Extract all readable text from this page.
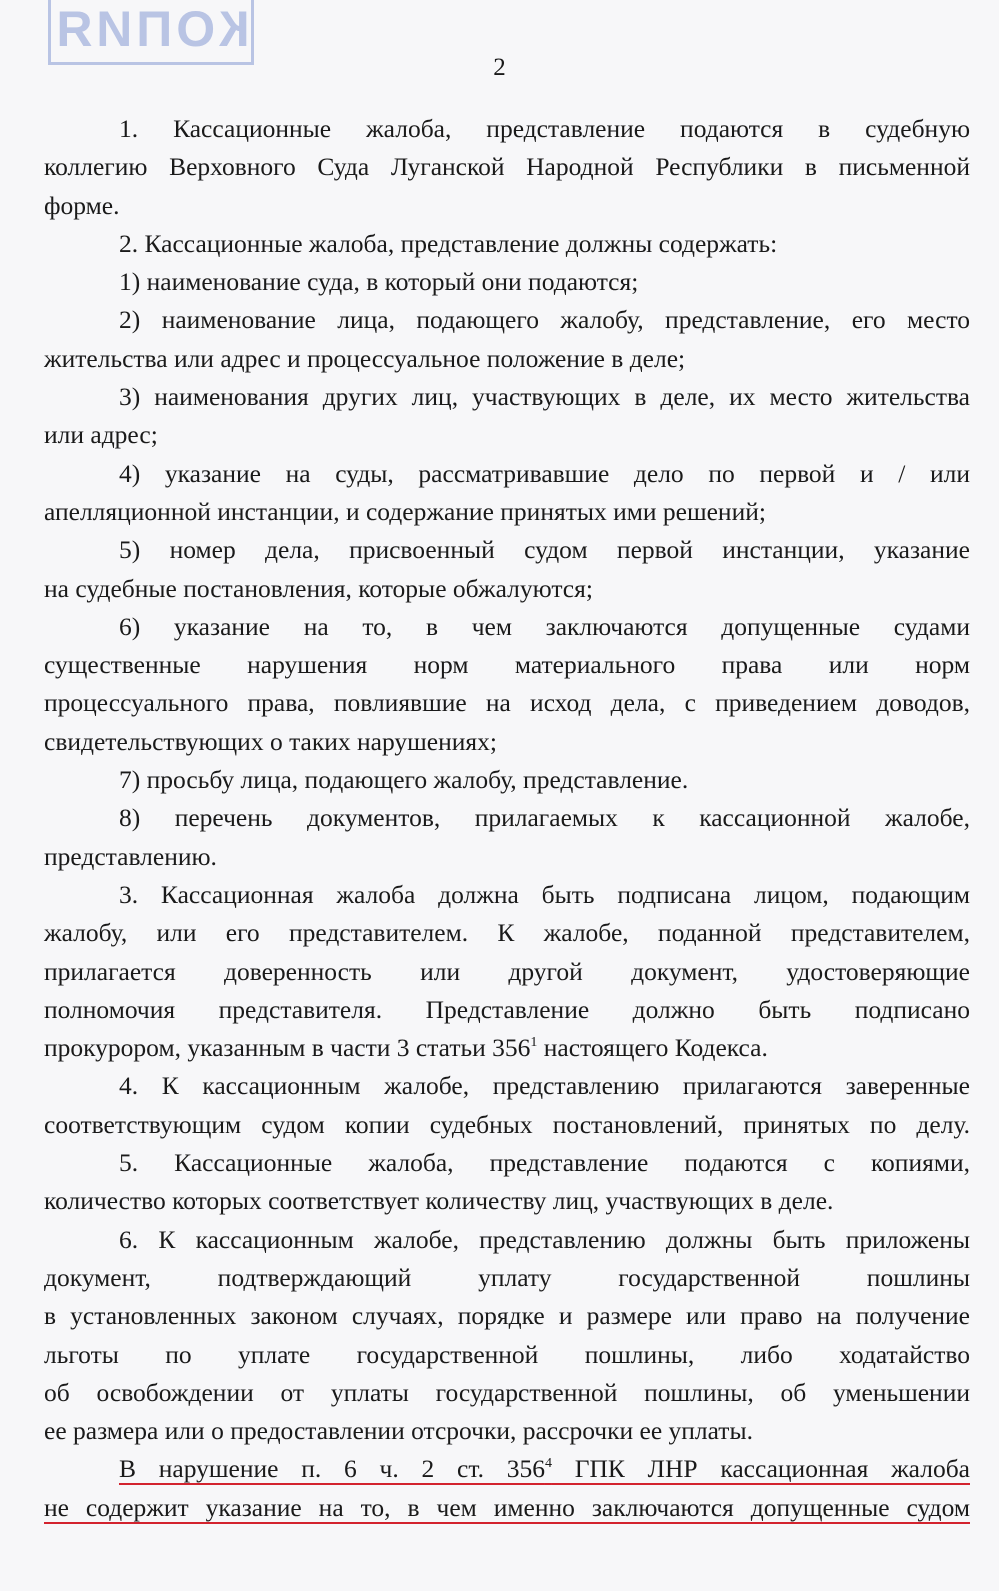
КОПИЯ
2
1. Кассационные жалоба, представление подаются в судебную
коллегию Верховного Суда Луганской Народной Республики в письменной
форме.
2. Кассационные жалоба, представление должны содержать:
1) наименование суда, в который они подаются;
2) наименование лица, подающего жалобу, представление, его место
жительства или адрес и процессуальное положение в деле;
3) наименования других лиц, участвующих в деле, их место жительства
или адрес;
4) указание на суды, рассматривавшие дело по первой и / или
апелляционной инстанции, и содержание принятых ими решений;
5) номер дела, присвоенный судом первой инстанции, указание
на судебные постановления, которые обжалуются;
6) указание на то, в чем заключаются допущенные судами
существенные нарушения норм материального права или норм
процессуального права, повлиявшие на исход дела, с приведением доводов,
свидетельствующих о таких нарушениях;
7) просьбу лица, подающего жалобу, представление.
8) перечень документов, прилагаемых к кассационной жалобе,
представлению.
3. Кассационная жалоба должна быть подписана лицом, подающим
жалобу, или его представителем. К жалобе, поданной представителем,
прилагается доверенность или другой документ, удостоверяющие
полномочия представителя. Представление должно быть подписано
прокурором, указанным в части 3 статьи $356^1$ настоящего Кодекса.
4. К кассационным жалобе, представлению прилагаются заверенные
соответствующим судом копии судебных постановлений, принятых по делу.
5. Кассационные жалоба, представление подаются с копиями,
количество которых соответствует количеству лиц, участвующих в деле.
6. К кассационным жалобе, представлению должны быть приложены
документ, подтверждающий уплату государственной пошлины
в установленных законом случаях, порядке и размере или право на получение
льготы по уплате государственной пошлины, либо ходатайство
об освобождении от уплаты государственной пошлины, об уменьшении
ее размера или о предоставлении отсрочки, рассрочки ее уплаты.
В нарушение п. 6 ч. 2 ст. $356^4$ ГПК ЛНР кассационная жалоба
не содержит указание на то, в чем именно заключаются допущенные судом
